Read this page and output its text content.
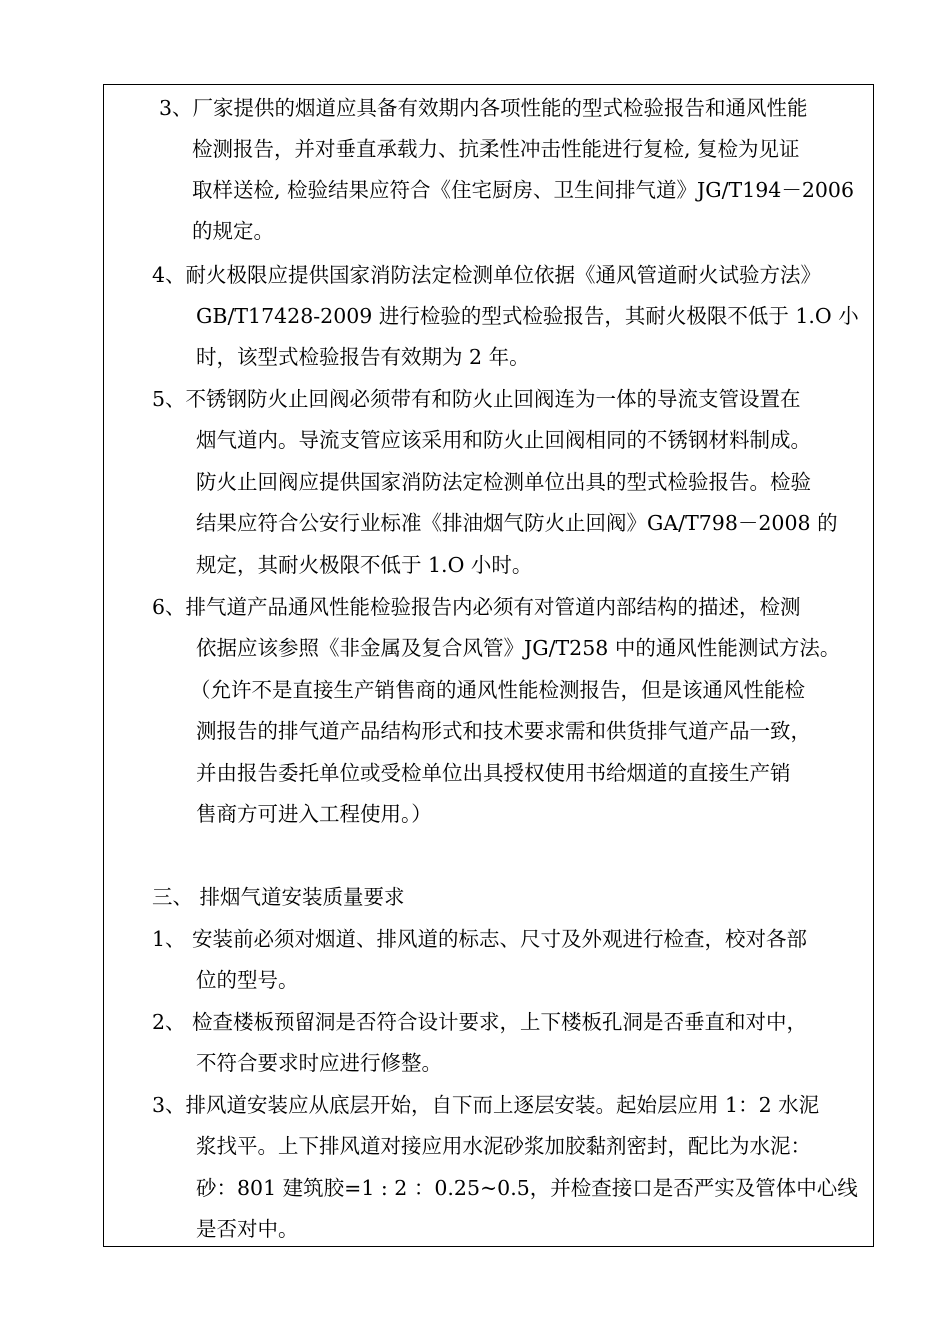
3、厂家提供的烟道应具备有效期内各项性能的型式检验报告和通风性能
检测报告，并对垂直承载力、抗柔性冲击性能进行复检, 复检为见证
取样送检, 检验结果应符合《住宅厨房、卫生间排气道》JG/T194－2006
的规定。
4、耐火极限应提供国家消防法定检测单位依据《通风管道耐火试验方法》
GB/T17428-2009 进行检验的型式检验报告，其耐火极限不低于 1.O 小
时，该型式检验报告有效期为 2 年。
5、不锈钢防火止回阀必须带有和防火止回阀连为一体的导流支管设置在
烟气道内。导流支管应该采用和防火止回阀相同的不锈钢材料制成。
防火止回阀应提供国家消防法定检测单位出具的型式检验报告。检验
结果应符合公安行业标准《排油烟气防火止回阀》GA/T798－2008 的
规定，其耐火极限不低于 1.O 小时。
6、排气道产品通风性能检验报告内必须有对管道内部结构的描述，检测
依据应该参照《非金属及复合风管》JG/T258 中的通风性能测试方法。
（允许不是直接生产销售商的通风性能检测报告，但是该通风性能检
测报告的排气道产品结构形式和技术要求需和供货排气道产品一致，
并由报告委托单位或受检单位出具授权使用书给烟道的直接生产销
售商方可进入工程使用。）
三、 排烟气道安装质量要求
1、 安装前必须对烟道、排风道的标志、尺寸及外观进行检查，校对各部
位的型号。
2、 检查楼板预留洞是否符合设计要求，上下楼板孔洞是否垂直和对中，
不符合要求时应进行修整。
3、排风道安装应从底层开始，自下而上逐层安装。起始层应用 1：2 水泥
浆找平。上下排风道对接应用水泥砂浆加胶黏剂密封，配比为水泥：
砂：801 建筑胶=1 : 2 ：0.25~0.5，并检查接口是否严实及管体中心线
是否对中。
